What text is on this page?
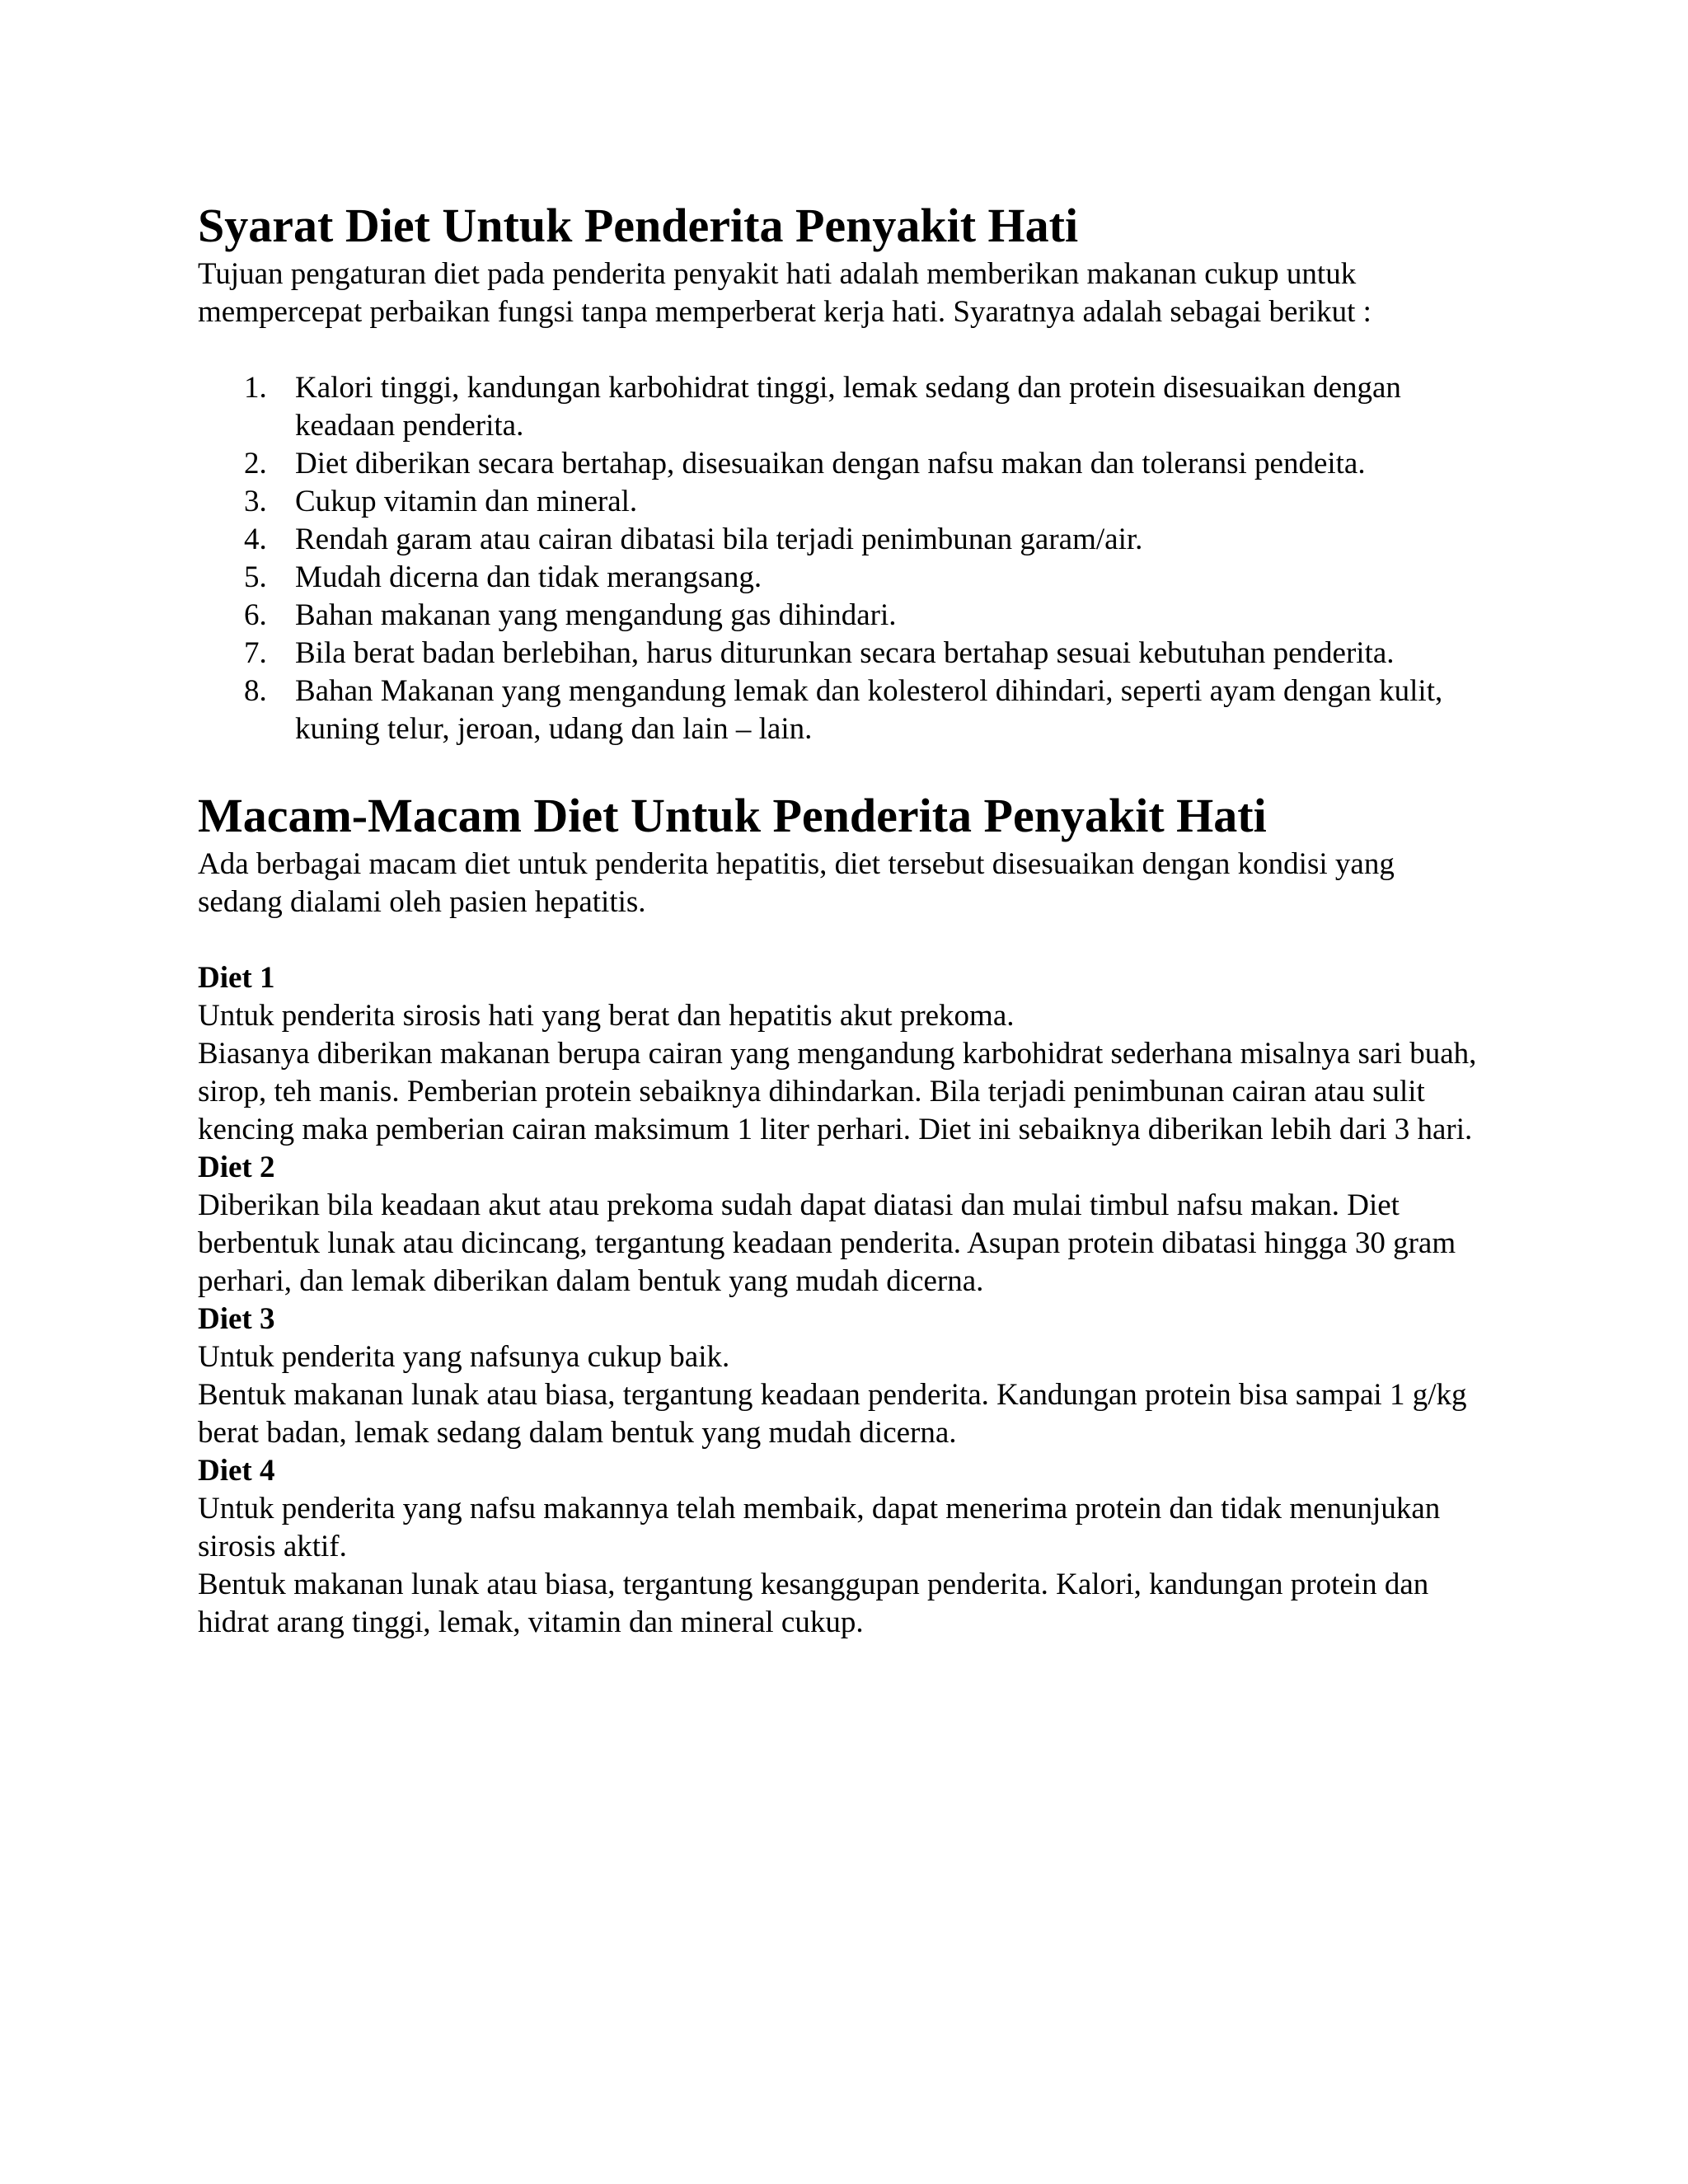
Syarat Diet Untuk Penderita Penyakit Hati

Tujuan pengaturan diet pada penderita penyakit hati adalah memberikan makanan cukup untuk mempercepat perbaikan fungsi tanpa memperberat kerja hati. Syaratnya adalah sebagai berikut :

1. Kalori tinggi, kandungan karbohidrat tinggi, lemak sedang dan protein disesuaikan dengan keadaan penderita.
2. Diet diberikan secara bertahap, disesuaikan dengan nafsu makan dan toleransi pendeita.
3. Cukup vitamin dan mineral.
4. Rendah garam atau cairan dibatasi bila terjadi penimbunan garam/air.
5. Mudah dicerna dan tidak merangsang.
6. Bahan makanan yang mengandung gas dihindari.
7. Bila berat badan berlebihan, harus diturunkan secara bertahap sesuai kebutuhan penderita.
8. Bahan Makanan yang mengandung lemak dan kolesterol dihindari, seperti ayam dengan kulit, kuning telur, jeroan, udang dan lain – lain.
Macam-Macam Diet Untuk Penderita Penyakit Hati

Ada berbagai macam diet untuk penderita hepatitis, diet tersebut disesuaikan dengan kondisi yang sedang dialami oleh pasien hepatitis.

Diet 1

Untuk penderita sirosis hati yang berat dan hepatitis akut prekoma.

Biasanya diberikan makanan berupa cairan yang mengandung karbohidrat sederhana misalnya sari buah, sirop, teh manis. Pemberian protein sebaiknya dihindarkan. Bila terjadi penimbunan cairan atau sulit kencing maka pemberian cairan maksimum 1 liter perhari. Diet ini sebaiknya diberikan lebih dari 3 hari.

Diet 2

Diberikan bila keadaan akut atau prekoma sudah dapat diatasi dan mulai timbul nafsu makan. Diet berbentuk lunak atau dicincang, tergantung keadaan penderita. Asupan protein dibatasi hingga 30 gram perhari, dan lemak diberikan dalam bentuk yang mudah dicerna.

Diet 3

Untuk penderita yang nafsunya cukup baik.

Bentuk makanan lunak atau biasa, tergantung keadaan penderita. Kandungan protein bisa sampai 1 g/kg berat badan, lemak sedang dalam bentuk yang mudah dicerna.

Diet 4

Untuk penderita yang nafsu makannya telah membaik, dapat menerima protein dan tidak menunjukan sirosis aktif.

Bentuk makanan lunak atau biasa, tergantung kesanggupan penderita. Kalori, kandungan protein dan hidrat arang tinggi, lemak, vitamin dan mineral cukup.
